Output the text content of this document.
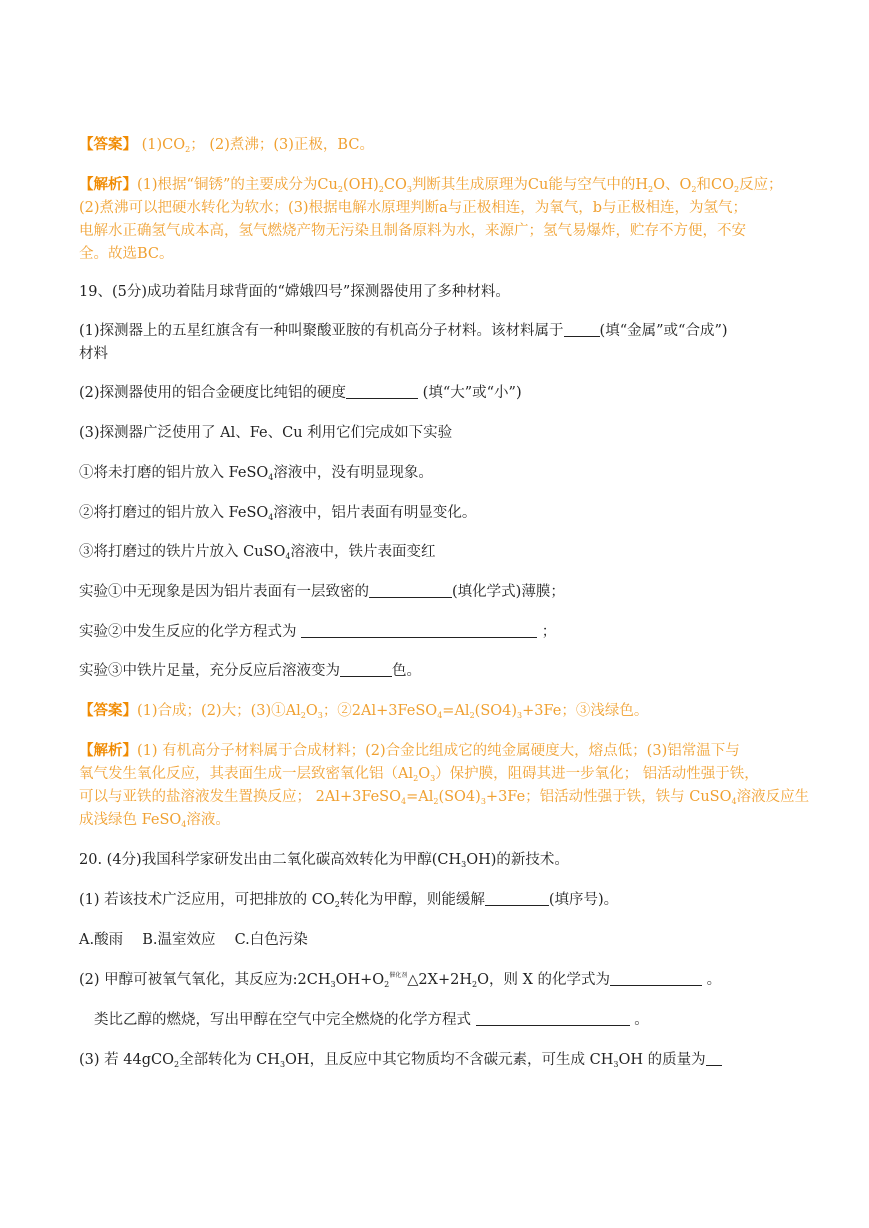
【答案】 $(1)CO_2$； (2)煮沸；(3)正极，BC。
【解析】(1)根据“铜锈”的主要成分为$Cu_2(OH)_2CO_3$判断其生成原理为Cu能与空气中的$H_2O$、$O_2$和$CO_2$反应；
(2)煮沸可以把硬水转化为软水；(3)根据电解水原理判断a与正极相连，为氧气，b与正极相连，为氢气；
电解水正确氢气成本高，氢气燃烧产物无污染且制备原料为水，来源广；氢气易爆炸，贮存不方便，不安
全。故选BC。
19、(5分)成功着陆月球背面的“嫦娥四号”探测器使用了多种材料。
(1)探测器上的五星红旗含有一种叫聚酸亚胺的有机高分子材料。该材料属于 (填“金属”或“合成”)
材料
(2)探测器使用的铝合金硬度比纯铝的硬度	(填“大”或“小”)
(3)探测器广泛使用了 Al、Fe、Cu 利用它们完成如下实验
①将未打磨的铝片放入 FeSO$_4$溶液中，没有明显现象。
②将打磨过的铝片放入 FeSO$_4$溶液中，铝片表面有明显变化。
③将打磨过的铁片片放入 CuSO$_4$溶液中，铁片表面变红
实验①中无现象是因为铝片表面有一层致密的	(填化学式)薄膜；
实验②中发生反应的化学方程式为	；
实验③中铁片足量，充分反应后溶液变为	色。
【答案】(1)合成；(2)大；$(3)①Al_2O_3$；$②2Al+3FeSO_4=Al_2(SO4)_3+3Fe$；③浅绿色。
【解析】(1) 有机高分子材料属于合成材料；(2)合金比组成它的纯金属硬度大，熔点低；(3)铝常温下与
氧气发生氧化反应，其表面生成一层致密氧化铝$(Al_2O_3)$保护膜，阻碍其进一步氧化； 铝活动性强于铁，
可以与亚铁的盐溶液发生置换反应； $2Al+3FeSO_4=Al_2(SO4)_3+3Fe$；铝活动性强于铁，铁与 CuSO$_4$溶液反应生
成浅绿色 FeSO$_4$溶液。
20. (4分)我国科学家研发出由二氧化碳高效转化为甲醇$(CH_3OH)$的新技术。
(1) 若该技术广泛应用，可把排放的 $CO_2$转化为甲醇，则能缓解	(填序号)。
A.酸雨　 B.温室效应　 C.白色污染
(2) 甲醇可被氧气氧化，其反应为$:2CH_3OH+O_2^{催化剂}\triangle 2X+2H_2O$，则 X 的化学式为	。
类比乙醇的燃烧，写出甲醇在空气中完全燃烧的化学方程式	。
(3) 若 44gCO$_2$全部转化为 $CH_3OH$，且反应中其它物质均不含碳元素，可生成 $CH_3OH$ 的质量为
